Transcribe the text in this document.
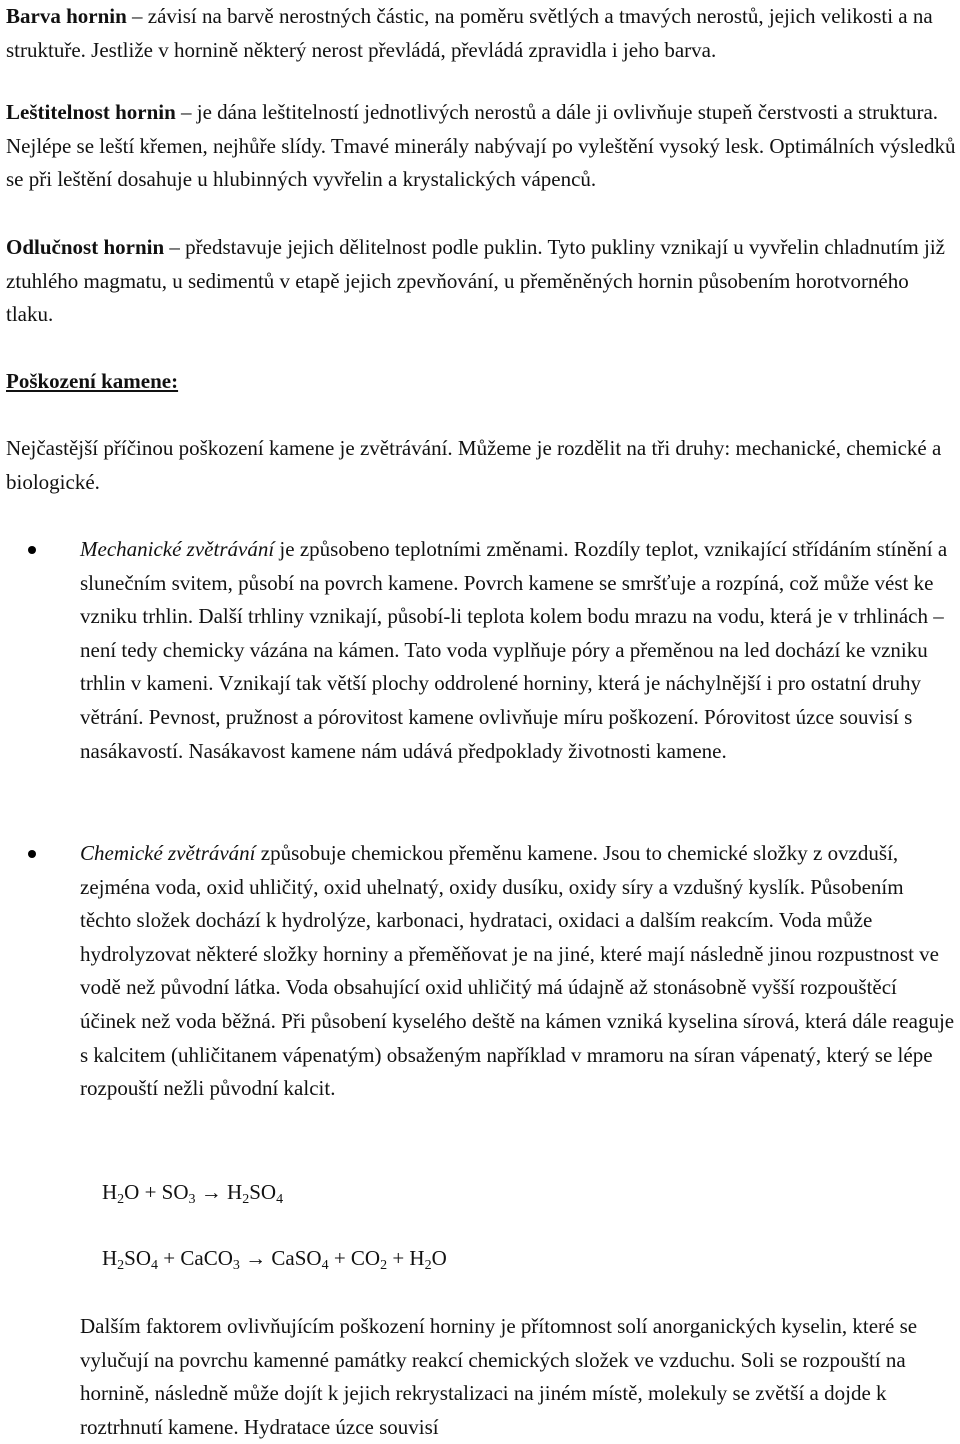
Barva hornin – závisí na barvě nerostných částic, na poměru světlých a tmavých nerostů, jejich velikosti a na struktuře. Jestliže v hornině některý nerost převládá, převládá zpravidla i jeho barva.

Leštitelnost hornin – je dána leštitelností jednotlivých nerostů a dále ji ovlivňuje stupeň čerstvosti a struktura. Nejlépe se leští křemen, nejhůře slídy. Tmavé minerály nabývají po vyleštění vysoký lesk. Optimálních výsledků se při leštění dosahuje u hlubinných vyvřelin a krystalických vápenců.

Odlučnost hornin – představuje jejich dělitelnost podle puklin. Tyto pukliny vznikají u vyvřelin chladnutím již ztuhlého magmatu, u sedimentů v etapě jejich zpevňování, u přeměněných hornin působením horotvorného tlaku.

Poškození kamene:

Nejčastější příčinou poškození kamene je zvětrávání. Můžeme je rozdělit na tři druhy: mechanické, chemické a biologické.

Mechanické zvětrávání je způsobeno teplotními změnami. Rozdíly teplot, vznikající střídáním stínění a slunečním svitem, působí na povrch kamene. Povrch kamene se smršťuje a rozpíná, což může vést ke vzniku trhlin. Další trhliny vznikají, působí-li teplota kolem bodu mrazu na vodu, která je v trhlinách – není tedy chemicky vázána na kámen. Tato voda vyplňuje póry a přeměnou na led dochází ke vzniku trhlin v kameni. Vznikají tak větší plochy oddrolené horniny, která je náchylnější i pro ostatní druhy větrání. Pevnost, pružnost a pórovitost kamene ovlivňuje míru poškození. Pórovitost úzce souvisí s nasákavostí. Nasákavost kamene nám udává předpoklady životnosti kamene.

Chemické zvětrávání způsobuje chemickou přeměnu kamene. Jsou to chemické složky z ovzduší, zejména voda, oxid uhličitý, oxid uhelnatý, oxidy dusíku, oxidy síry a vzdušný kyslík. Působením těchto složek dochází k hydrolýze, karbonaci, hydrataci, oxidaci a dalším reakcím. Voda může hydrolyzovat některé složky horniny a přeměňovat je na jiné, které mají následně jinou rozpustnost ve vodě než původní látka. Voda obsahující oxid uhličitý má údajně až stonásobně vyšší rozpouštěcí účinek než voda běžná. Při působení kyselého deště na kámen vzniká kyselina sírová, která dále reaguje s kalcitem (uhličitanem vápenatým) obsaženým například v mramoru na síran vápenatý, který se lépe rozpouští nežli původní kalcit.

$H_2O + SO_3 \to H_2SO_4$
$H_2SO_4$ + CaCO$_3$ → CaSO$_4$ + $CO_2 + H_2O$

Dalším faktorem ovlivňujícím poškození horniny je přítomnost solí anorganických kyselin, které se vylučují na povrchu kamenné památky reakcí chemických složek ve vzduchu. Soli se rozpouští na hornině, následně může dojít k jejich rekrystalizaci na jiném místě, molekuly se zvětší a dojde k roztrhnutí kamene. Hydratace úzce souvisí
